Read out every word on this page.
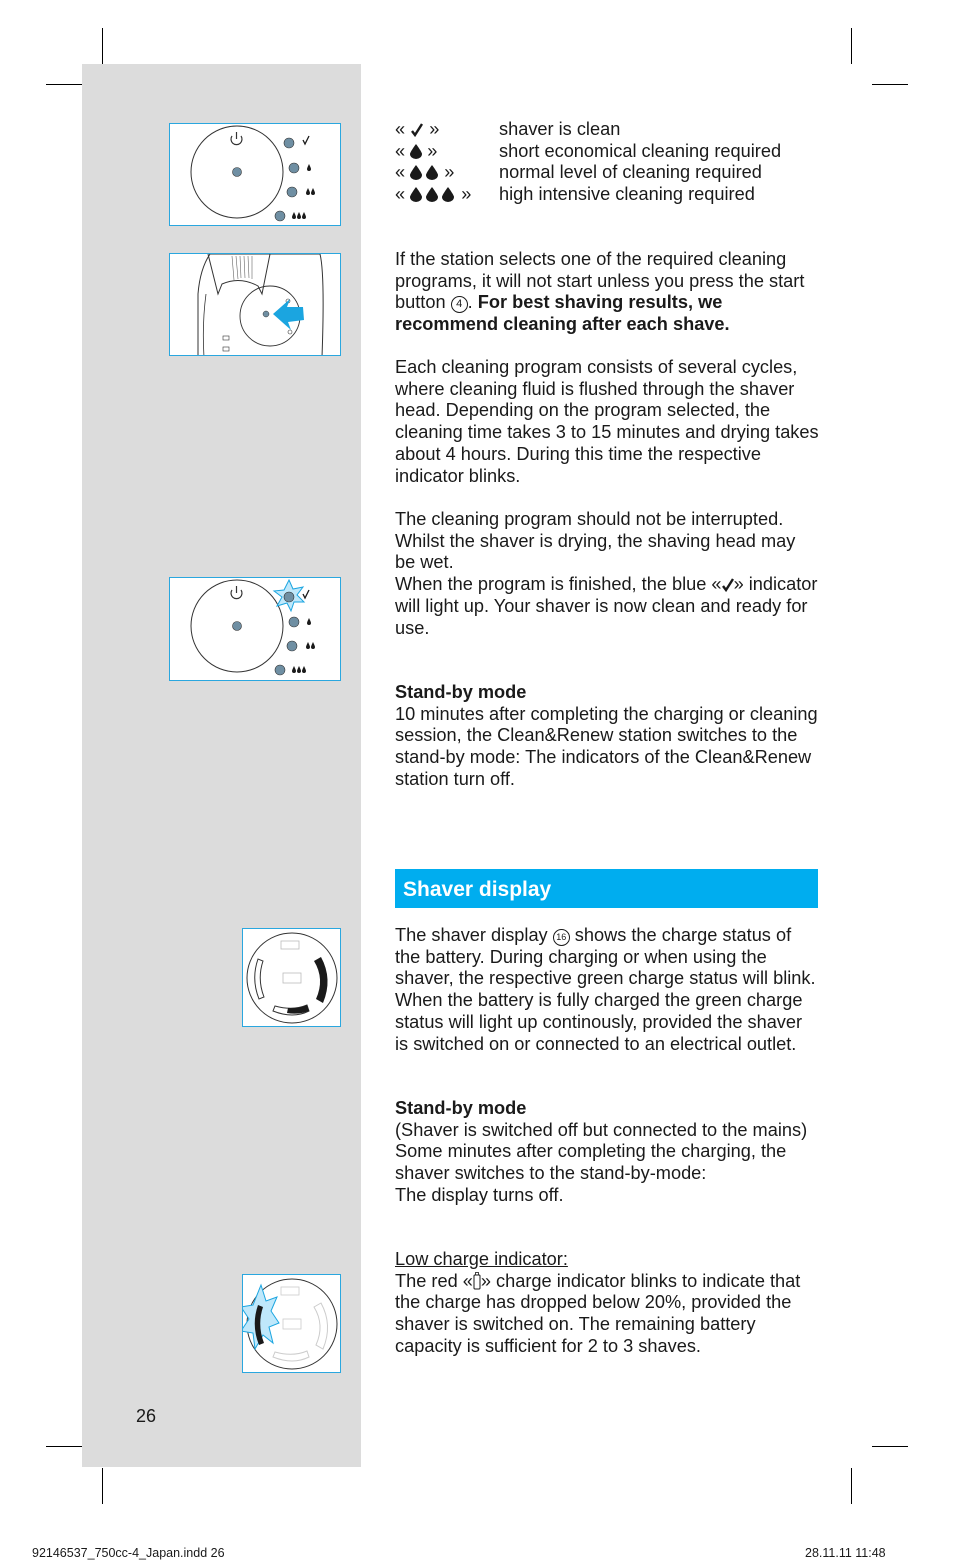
« »	shaver is clean
« »	short economical cleaning required
« » normal level of cleaning required
«	» high intensive cleaning required

If the station selects one of the required cleaning programs, it will not start unless you press the start button 4 . For best shaving results, we recommend cleaning after each shave.

Each cleaning program consists of several cycles, where cleaning fluid is flushed through the shaver head. Depending on the program selected, the cleaning time takes 3 to 15 minutes and drying takes about 4 hours. During this time the respective indicator blinks.

The cleaning program should not be interrupted. Whilst the shaver is drying, the shaving head may be wet.
When the program is finished, the blue « » indicator will light up. Your shaver is now clean and ready for use.

Stand-by mode
10 minutes after completing the charging or cleaning session, the Clean&Renew station switches to the stand-by mode: The indicators of the Clean&Renew station turn off.

Shaver display

The shaver display 16 shows the charge status of the battery. During charging or when using the shaver, the respective green charge status will blink. When the battery is fully charged the green charge status will light up continously, provided the shaver is switched on or connected to an electrical outlet.

Stand-by mode
(Shaver is switched off but connected to the mains)
Some minutes after completing the charging, the shaver switches to the stand-by-mode:
The display turns off.

Low charge indicator:
The red « » charge indicator blinks to indicate that the charge has dropped below 20%, provided the shaver is switched on. The remaining battery capacity is sufficient for 2 to 3 shaves.

26
92146537_750cc-4_Japan.indd 26	28.11.11 11:48
